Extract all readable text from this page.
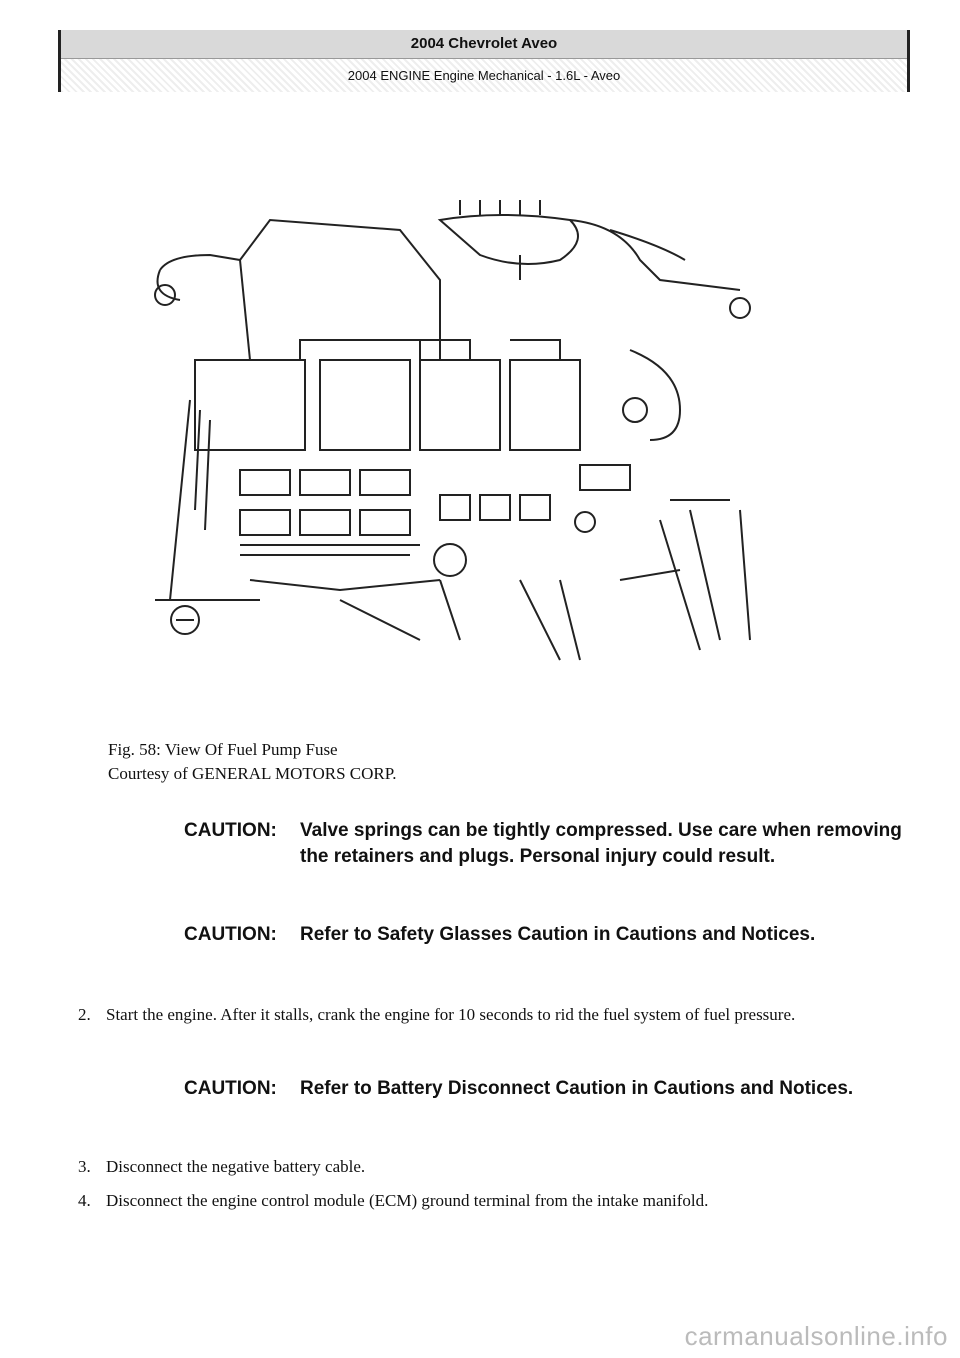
2004 Chevrolet Aveo
2004 ENGINE Engine Mechanical - 1.6L - Aveo
Fig. 58: View Of Fuel Pump Fuse
Courtesy of GENERAL MOTORS CORP.
CAUTION:	Valve springs can be tightly compressed. Use care when removing the retainers and plugs. Personal injury could result.
CAUTION:	Refer to Safety Glasses Caution in Cautions and Notices.
2. Start the engine. After it stalls, crank the engine for 10 seconds to rid the fuel system of fuel pressure.
CAUTION:	Refer to Battery Disconnect Caution in Cautions and Notices.
3. Disconnect the negative battery cable.
4. Disconnect the engine control module (ECM) ground terminal from the intake manifold.
carmanualsonline.info
